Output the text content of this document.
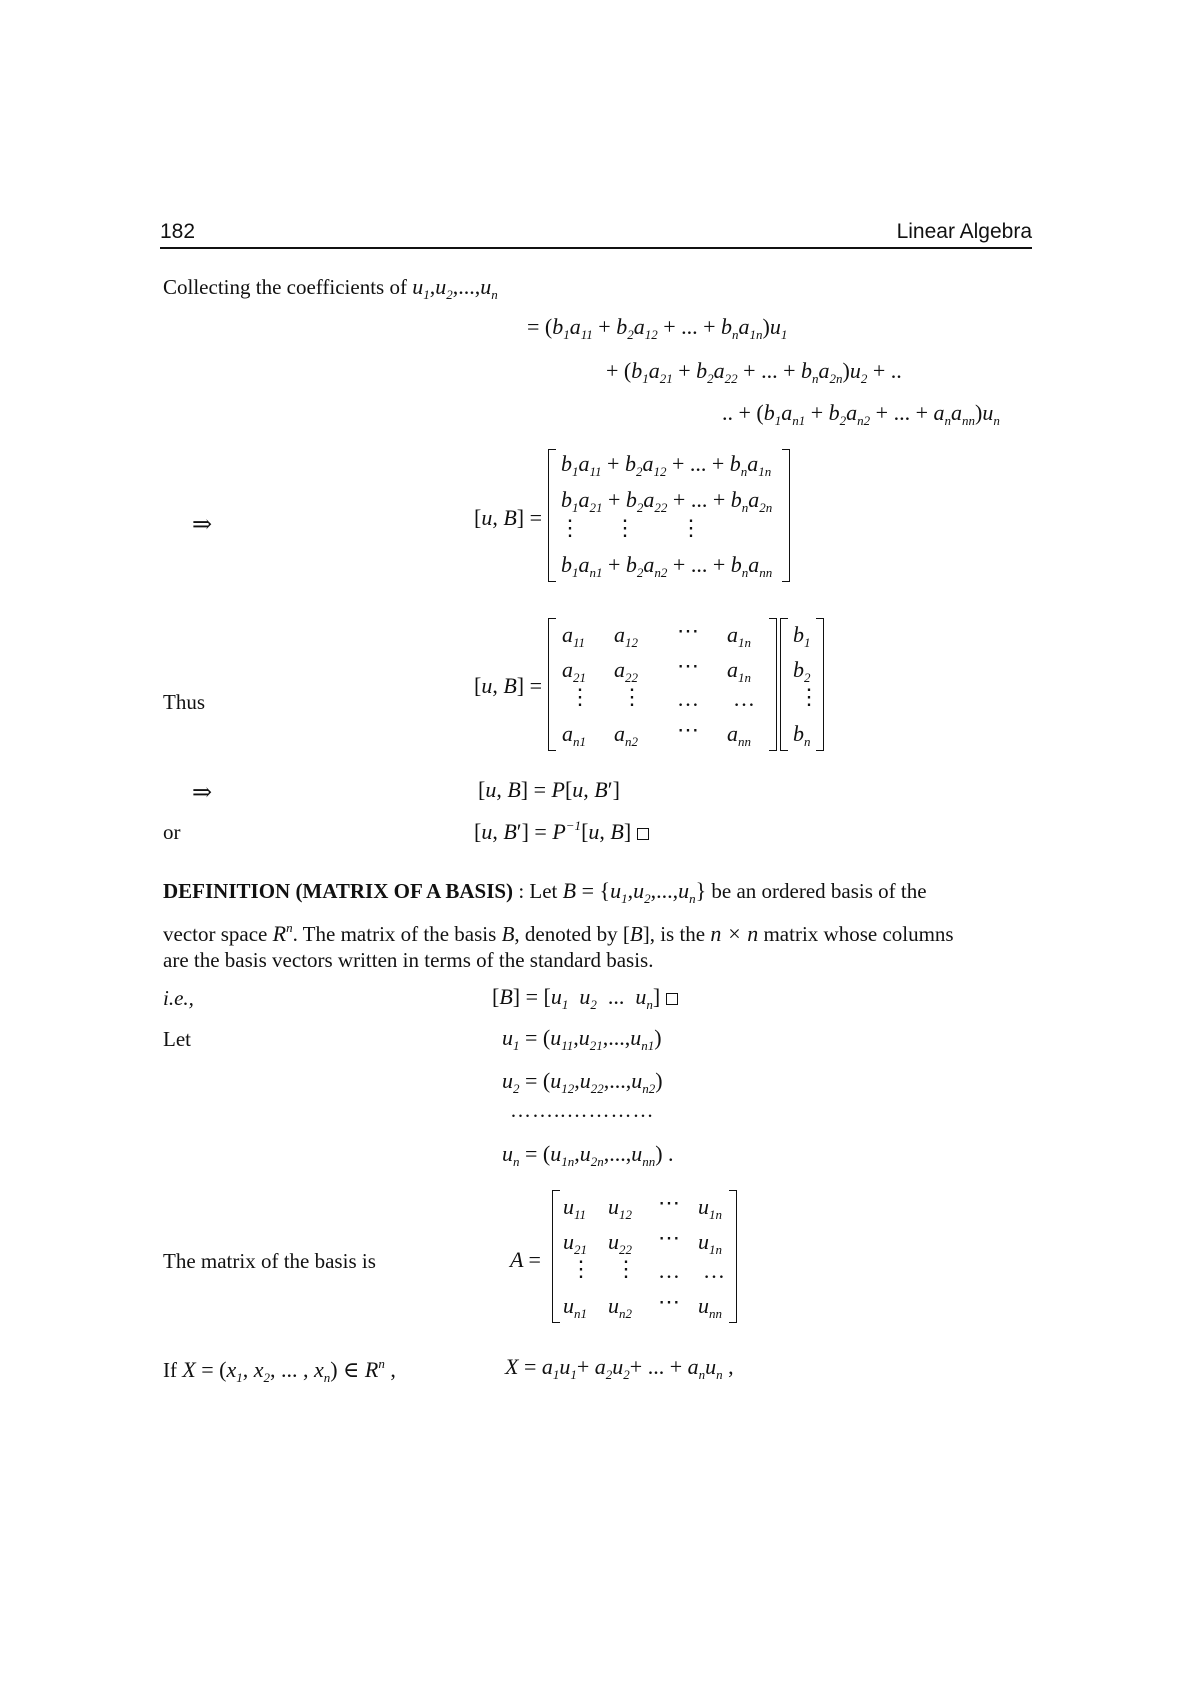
182	Linear Algebra
Collecting the coefficients of $u_1,u_2,...,u_n$
= ($b_1a_{11} + b_2a_{12}$ + ... + $b_na_{1n})u_1$
+ ($b_1a_{21} + b_2a_{22}$ + ... + $b_na_{2n})u_2$ + ..
.. + ($b_1a_{n1} + b_2a_{n2}$ + ... + $a_na_{nn})u_n$
⇒	[u, B] =
$b_1a_{11} + b_2a_{12}$ + ... + $b_na_{1n}$
$b_1a_{21} + b_2a_{22}$ + ... + $b_na_{2n}$
⋮ ⋮ ⋮
$b_1a_{n1} + b_2a_{n2}$ + ... + $b_na_{nn}$
Thus
[u, B] =
$a_{11}$ $a_{12}$ ⋯ $a_{1n}$
$a_{21}$ $a_{22}$ ⋯ $a_{1n}$
⋮ ⋮ … …
$a_{n1}$ $a_{n2}$ ⋯ $a_{nn}$
$b_1$
$b_2$
⋮
$b_n$
⇒	[u, B] = P[u, B′]
or	[u, $B'] = P^{-1}[u$, B]
DEFINITION (MATRIX OF A BASIS) : Let $B = \{u_1,u_2,...,u_n\}$ be an ordered basis of the
vector space $R^n$. The matrix of the basis B, denoted by [B], is the n × n matrix whose columns
are the basis vectors written in terms of the standard basis.
i.e.,	$[B] = [u_1$  $u_2$ ...  $u_n$]
Let	$u_1 = (u_{11},u_{21},...,u_{n1})$
$u_2 = (u_{12},u_{22},...,u_{n2})$
……..…………
$u_n = (u_{1n},u_{2n},...,u_{nn})$ .
The matrix of the basis is	A =
$u_{11}$ $u_{12}$ ⋯ $u_{1n}$
$u_{21}$ $u_{22}$ ⋯ $u_{1n}$
⋮ ⋮ … …
$u_{n1}$ $u_{n2}$ ⋯ $u_{nn}$
If $X = (x_1$, $x_2$, ... , $x_n$) ∈ $R^n$ ,	$X = a_1u_1+ a_2u_2+$ ... + $a_nu_n$ ,
